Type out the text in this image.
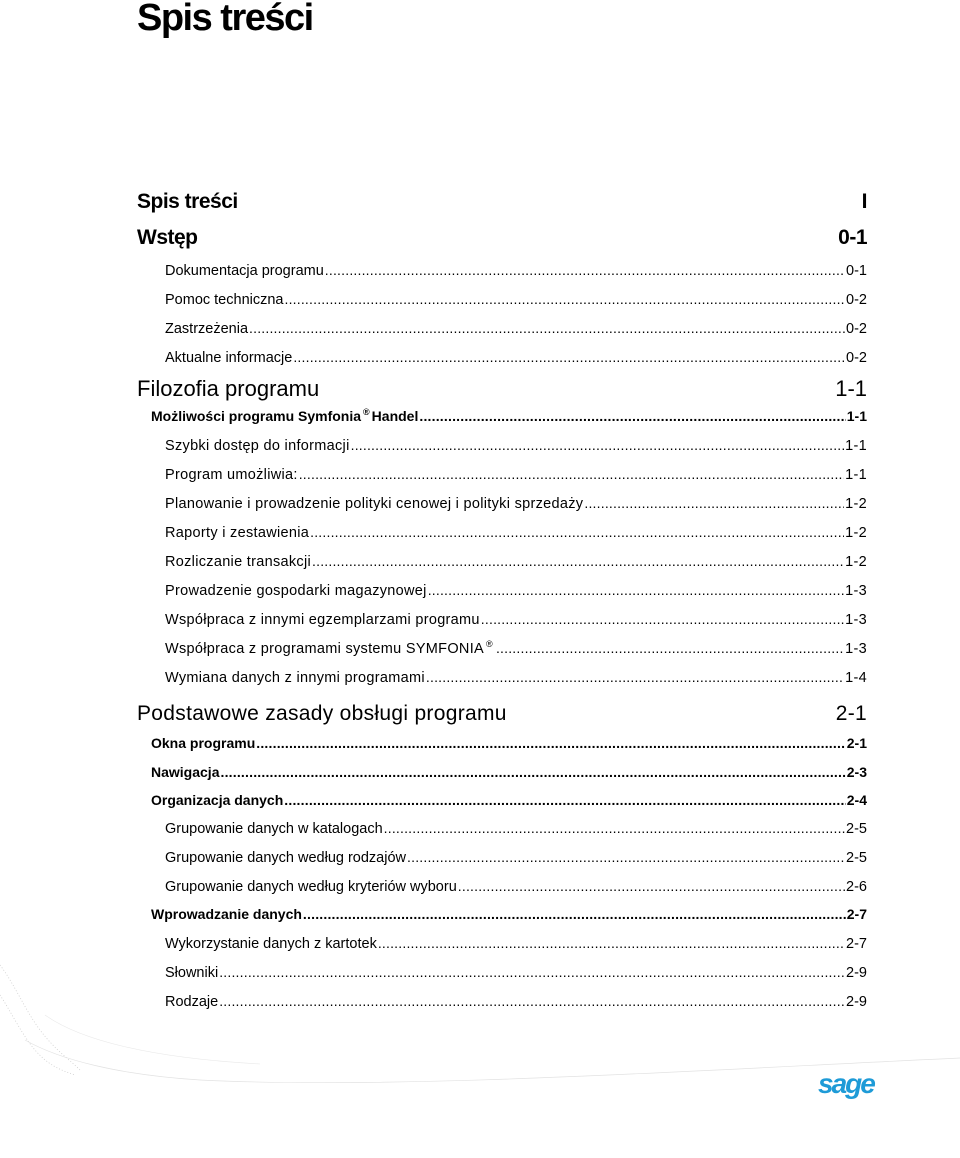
Spis treści
Spis treści	I
Wstęp	0-1
Dokumentacja programu .....	0-1
Pomoc techniczna .....	0-2
Zastrzeżenia .....	0-2
Aktualne informacje .....	0-2
Filozofia programu	1-1
Możliwości programu Symfonia® Handel .....	1-1
Szybki dostęp do informacji .....	1-1
Program umożliwia: .....	1-1
Planowanie i prowadzenie polityki cenowej i polityki sprzedaży .....	1-2
Raporty i zestawienia .....	1-2
Rozliczanie transakcji .....	1-2
Prowadzenie gospodarki magazynowej .....	1-3
Współpraca z innymi egzemplarzami programu .....	1-3
Współpraca z programami systemu SYMFONIA® .....	1-3
Wymiana danych z innymi programami .....	1-4
Podstawowe zasady obsługi programu	2-1
Okna programu .....	2-1
Nawigacja .....	2-3
Organizacja danych .....	2-4
Grupowanie danych w katalogach .....	2-5
Grupowanie danych według rodzajów .....	2-5
Grupowanie danych według kryteriów wyboru .....	2-6
Wprowadzanie danych .....	2-7
Wykorzystanie danych z kartotek .....	2-7
Słowniki .....	2-9
Rodzaje .....	2-9
sage
